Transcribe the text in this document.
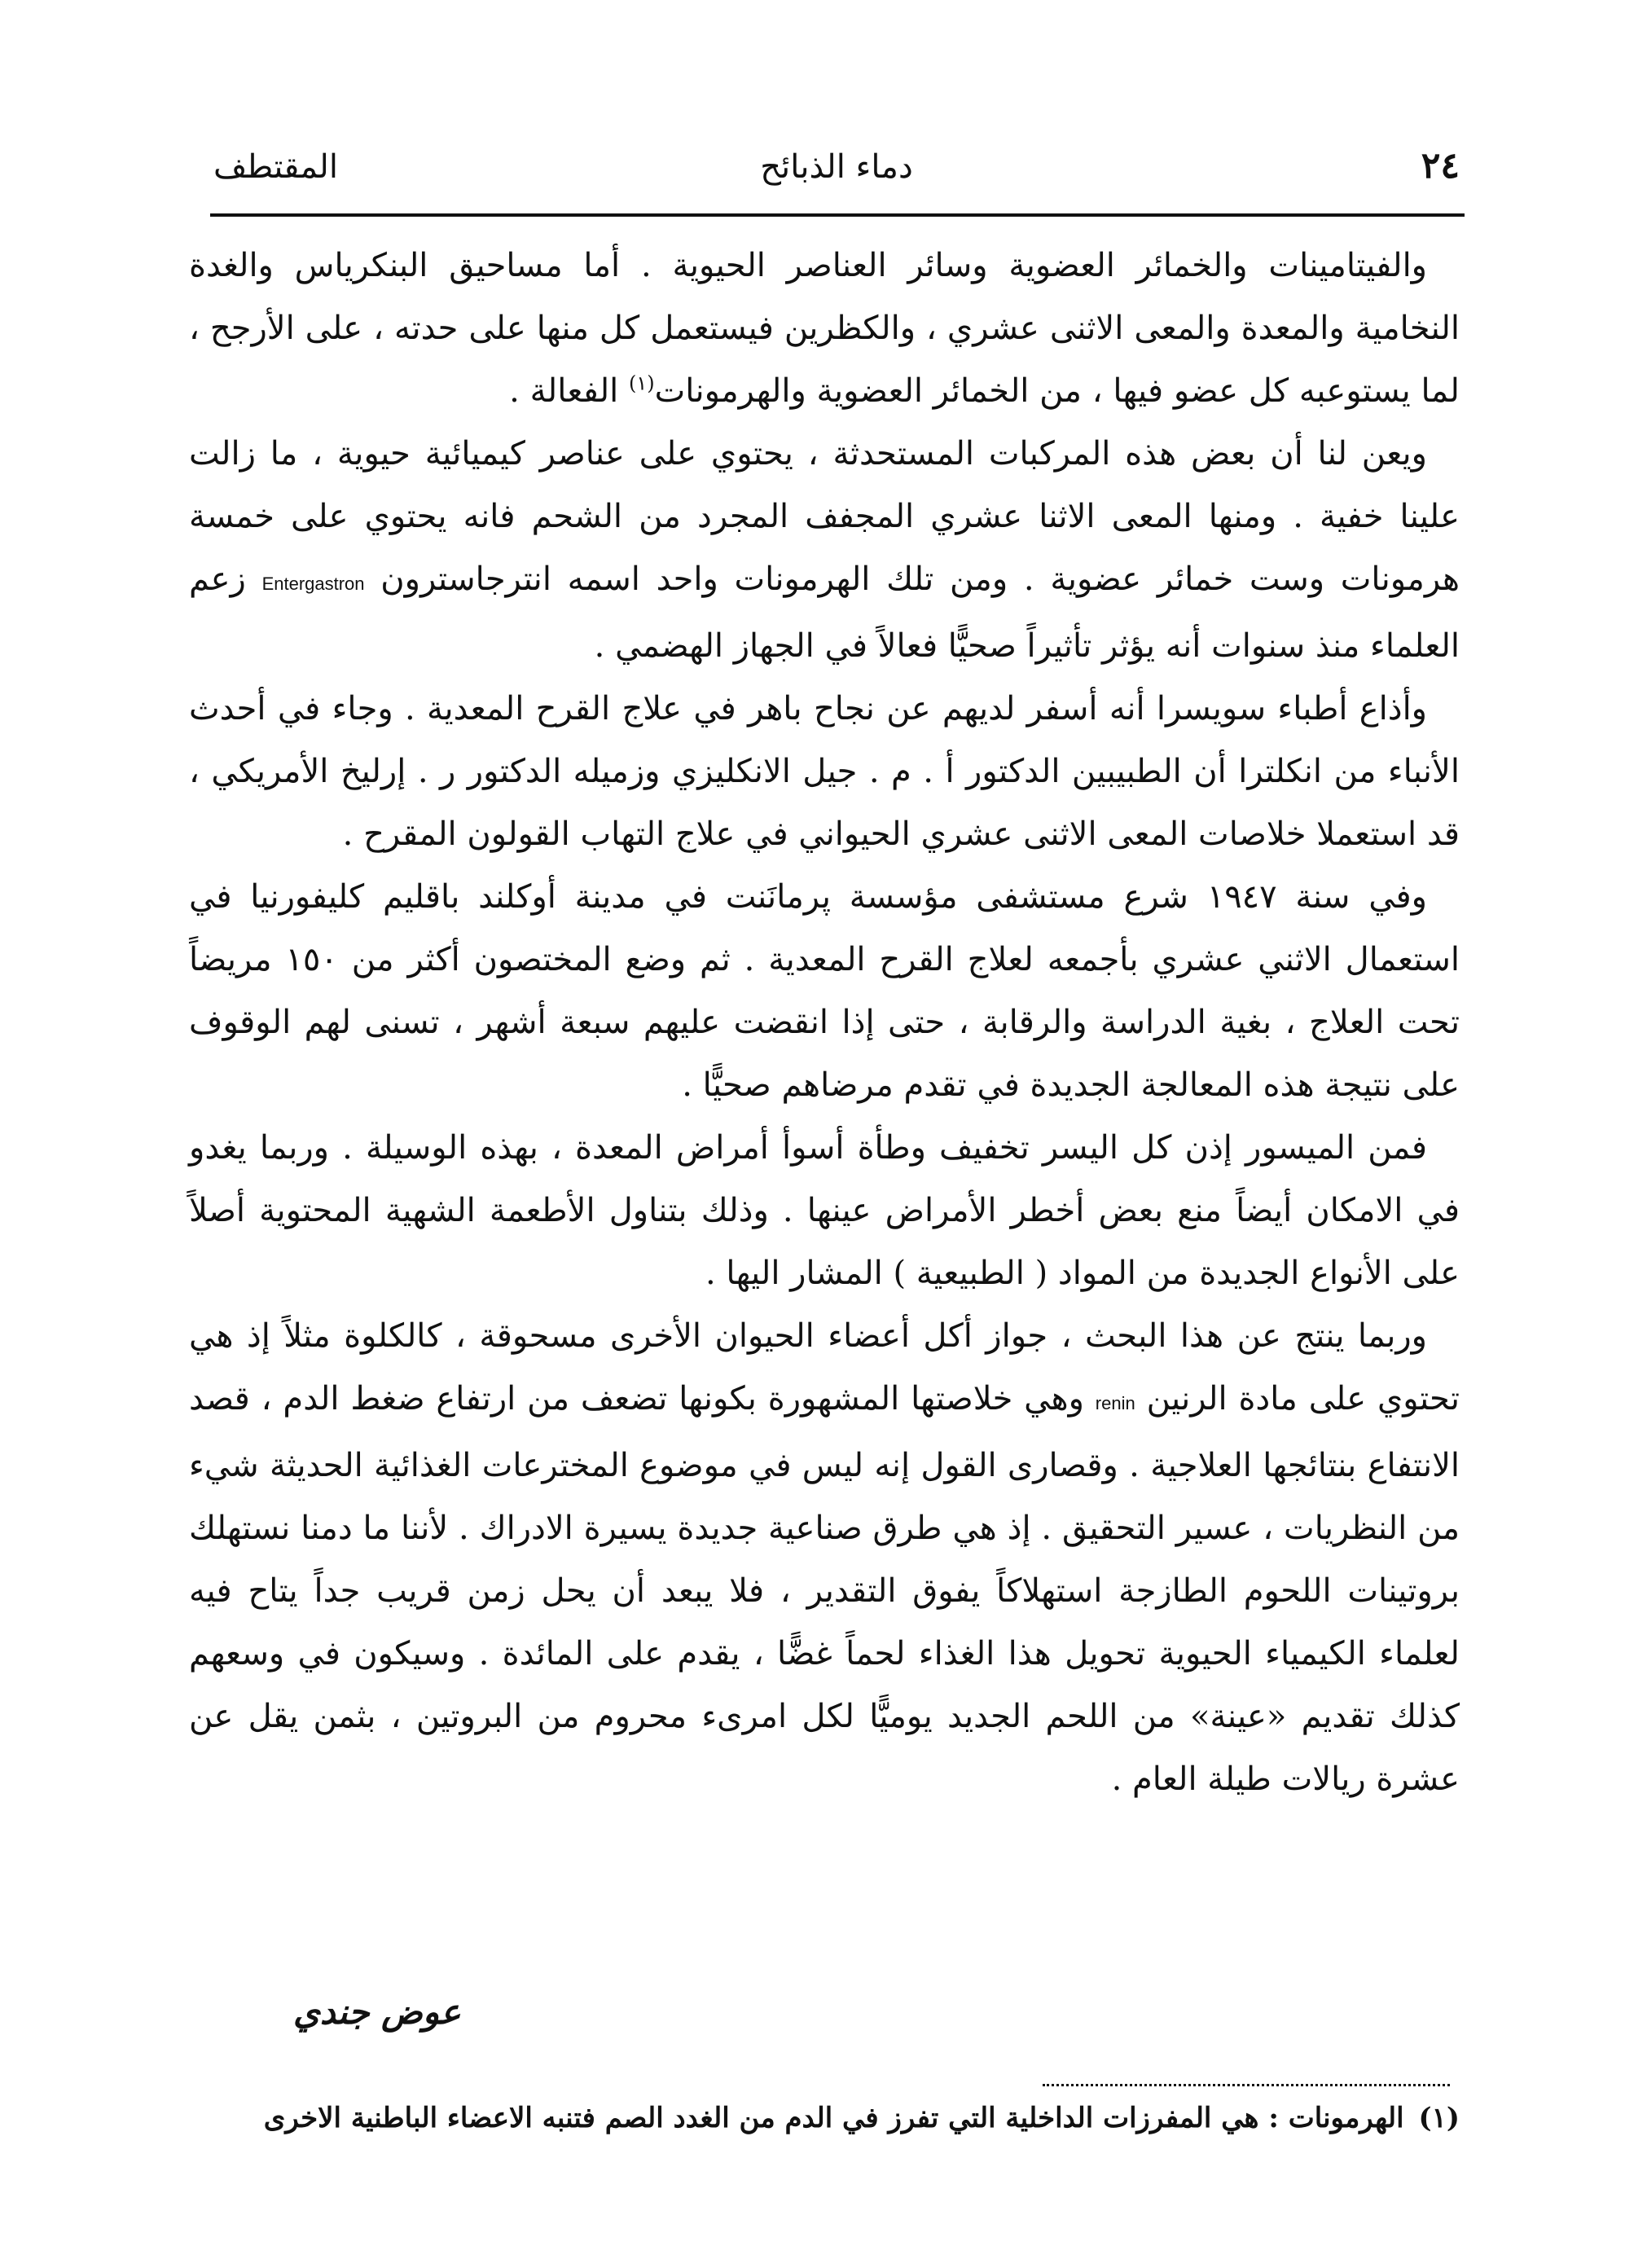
٢٤
دماء الذبائح
المقتطف

والفيتامينات والخمائر العضوية وسائر العناصر الحيوية . أما مساحيق البنكرياس والغدة النخامية والمعدة والمعى الاثنى عشري ، والكظرين فيستعمل كل منها على حدته ، على الأرجح ، لما يستوعبه كل عضو فيها ، من الخمائر العضوية والهرمونات$^{(١)}$ الفعالة .

ويعن لنا أن بعض هذه المركبات المستحدثة ، يحتوي على عناصر كيميائية حيوية ، ما زالت علينا خفية . ومنها المعى الاثنا عشري المجفف المجرد من الشحم فانه يحتوي على خمسة هرمونات وست خمائر عضوية . ومن تلك الهرمونات واحد اسمه انترجاسترون Entergastron زعم العلماء منذ سنوات أنه يؤثر تأثيراً صحيًّا فعالاً في الجهاز الهضمي .

وأذاع أطباء سويسرا أنه أسفر لديهم عن نجاح باهر في علاج القرح المعدية . وجاء في أحدث الأنباء من انكلترا أن الطبيبين الدكتور أ . م . جيل الانكليزي وزميله الدكتور ر . إرليخ الأمريكي ، قد استعملا خلاصات المعى الاثنى عشري الحيواني في علاج التهاب القولون المقرح .

وفي سنة ١٩٤٧ شرع مستشفى مؤسسة پرمانَنت في مدينة أوكلند باقليم كليفورنيا في استعمال الاثني عشري بأجمعه لعلاج القرح المعدية . ثم وضع المختصون أكثر من ١٥٠ مريضاً تحت العلاج ، بغية الدراسة والرقابة ، حتى إذا انقضت عليهم سبعة أشهر ، تسنى لهم الوقوف على نتيجة هذه المعالجة الجديدة في تقدم مرضاهم صحيًّا .

فمن الميسور إذن كل اليسر تخفيف وطأة أسوأ أمراض المعدة ، بهذه الوسيلة . وربما يغدو في الامكان أيضاً منع بعض أخطر الأمراض عينها . وذلك بتناول الأطعمة الشهية المحتوية أصلاً على الأنواع الجديدة من المواد ( الطبيعية ) المشار اليها .

وربما ينتج عن هذا البحث ، جواز أكل أعضاء الحيوان الأخرى مسحوقة ، كالكلوة مثلاً إذ هي تحتوي على مادة الرنين renin وهي خلاصتها المشهورة بكونها تضعف من ارتفاع ضغط الدم ، قصد الانتفاع بنتائجها العلاجية . وقصارى القول إنه ليس في موضوع المخترعات الغذائية الحديثة شيء من النظريات ، عسير التحقيق . إذ هي طرق صناعية جديدة يسيرة الادراك . لأننا ما دمنا نستهلك بروتينات اللحوم الطازجة استهلاكاً يفوق التقدير ، فلا يبعد أن يحل زمن قريب جداً يتاح فيه لعلماء الكيمياء الحيوية تحويل هذا الغذاء لحماً غضًّا ، يقدم على المائدة . وسيكون في وسعهم كذلك تقديم «عينة» من اللحم الجديد يوميًّا لكل امرىء محروم من البروتين ، بثمن يقل عن عشرة ريالات طيلة العام .

عوض جندي
(١)الهرمونات : هي المفرزات الداخلية التي تفرز في الدم من الغدد الصم فتنبه الاعضاء الباطنية الاخرى
